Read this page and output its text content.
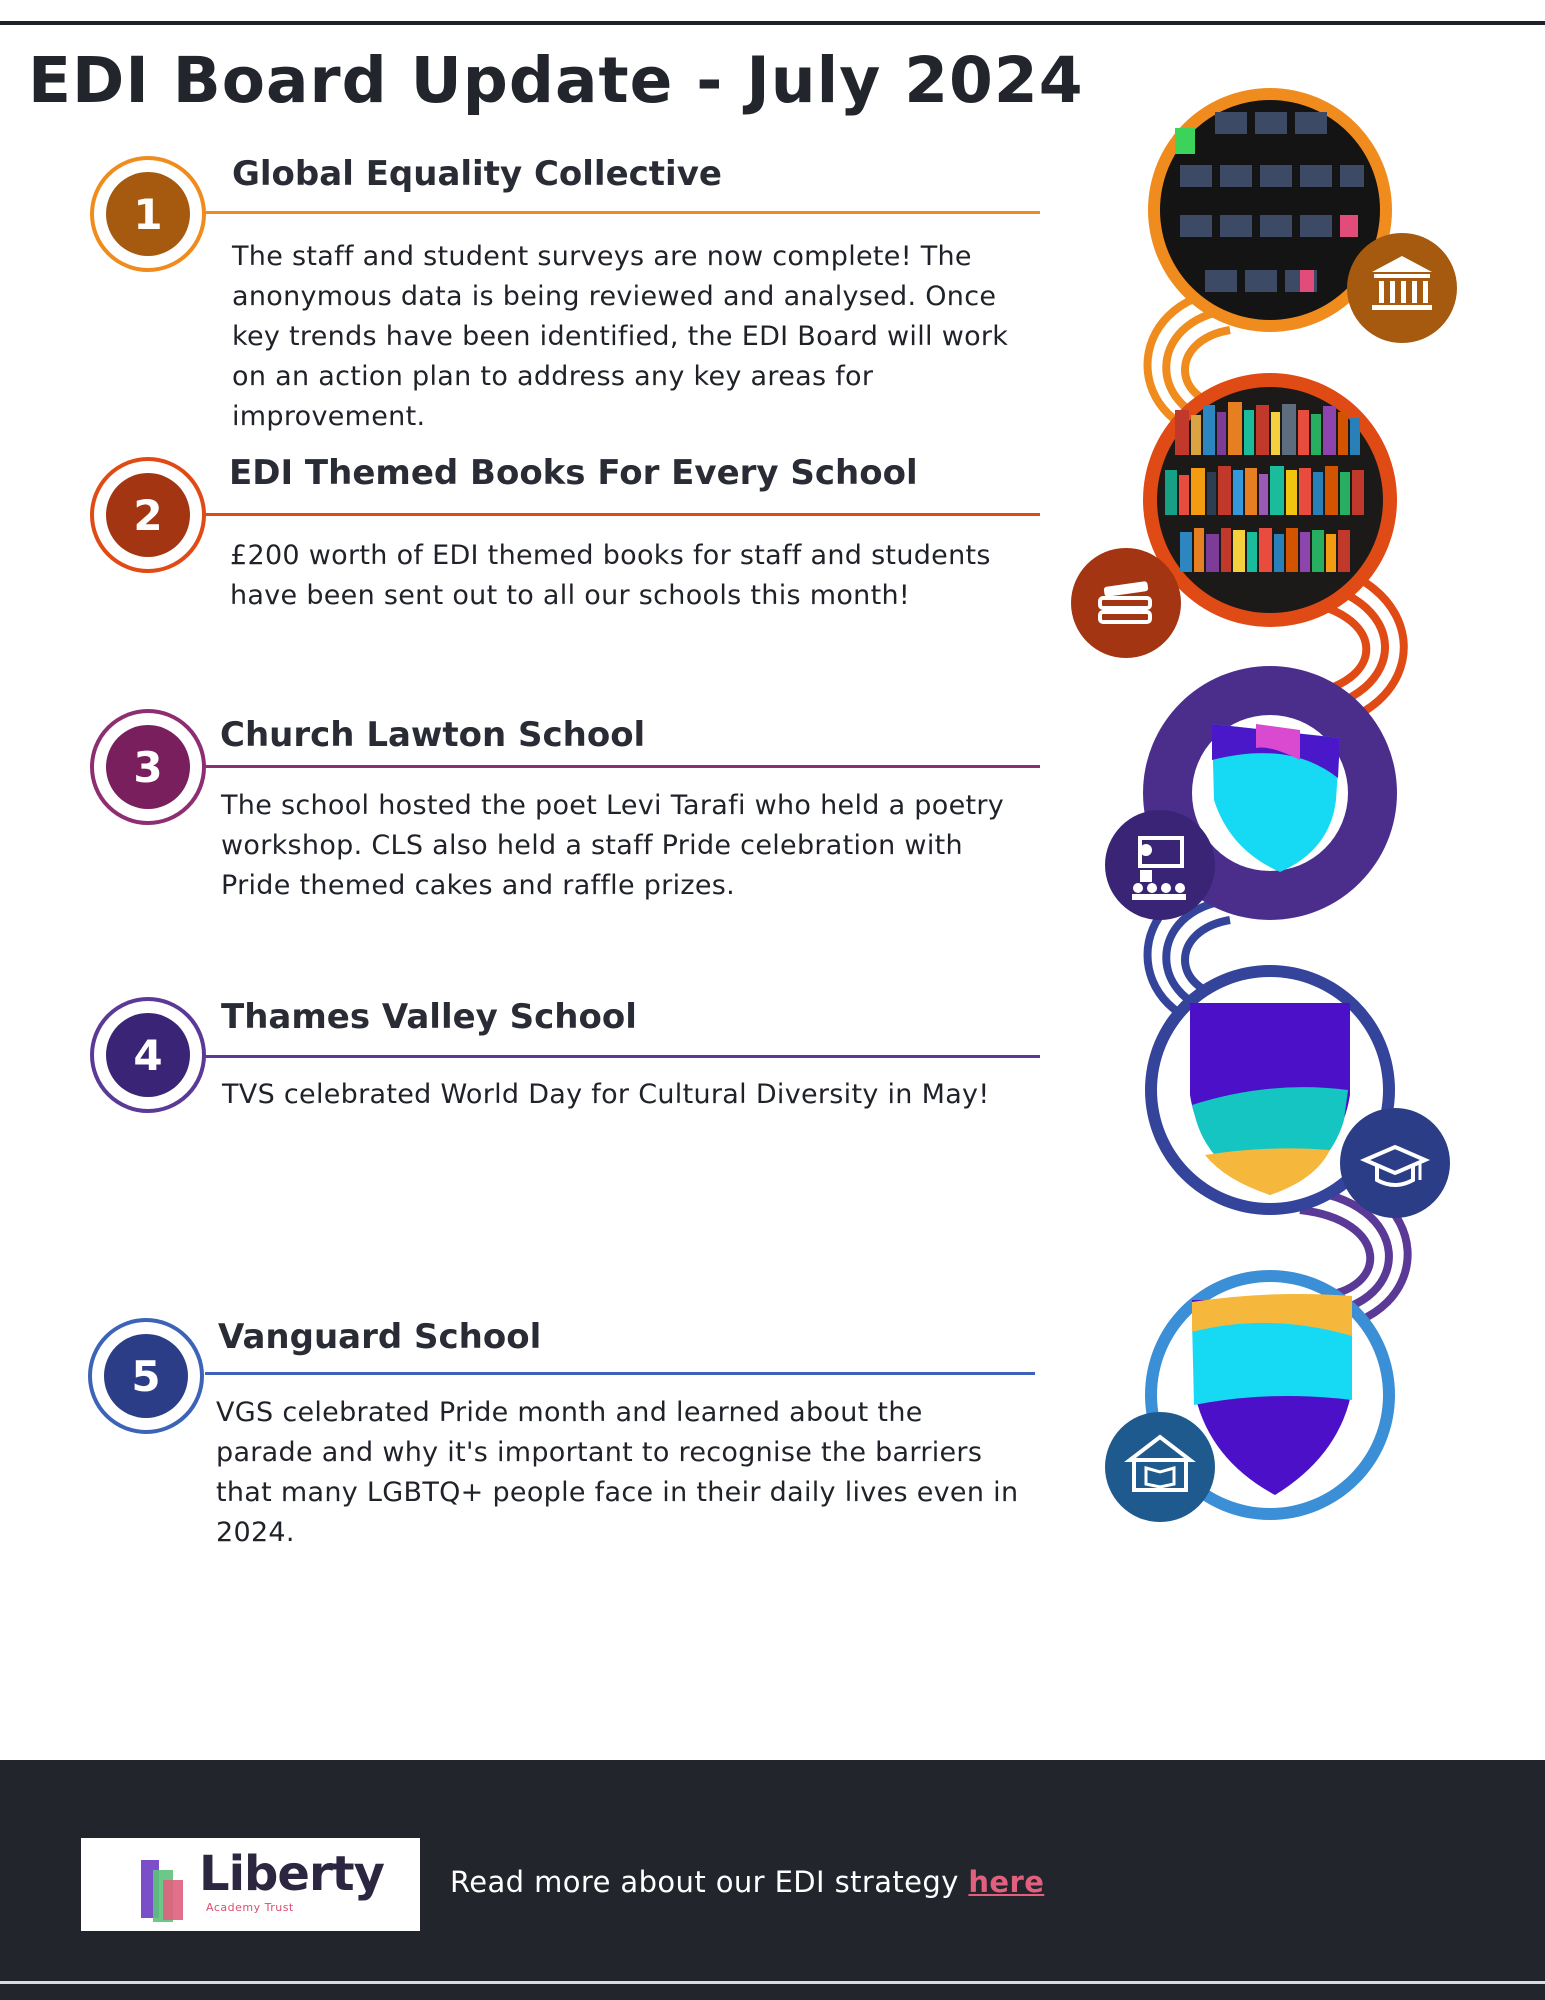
EDI Board Update - July 2024
1
Global Equality Collective

The staff and student surveys are now complete! The
anonymous data is being reviewed and analysed. Once
key trends have been identified, the EDI Board will work
on an action plan to address any key areas for
improvement.

2
EDI Themed Books For Every School

£200 worth of EDI themed books for staff and students
have been sent out to all our schools this month!

3
Church Lawton School

The school hosted the poet Levi Tarafi who held a poetry
workshop. CLS also held a staff Pride celebration with
Pride themed cakes and raffle prizes.

4
Thames Valley School

TVS celebrated World Day for Cultural Diversity in May!

5
Vanguard School

VGS celebrated Pride month and learned about the
parade and why it's important to recognise the barriers
that many LGBTQ+ people face in their daily lives even in
2024.

Liberty
Academy Trust
Read more about our EDI strategy here
